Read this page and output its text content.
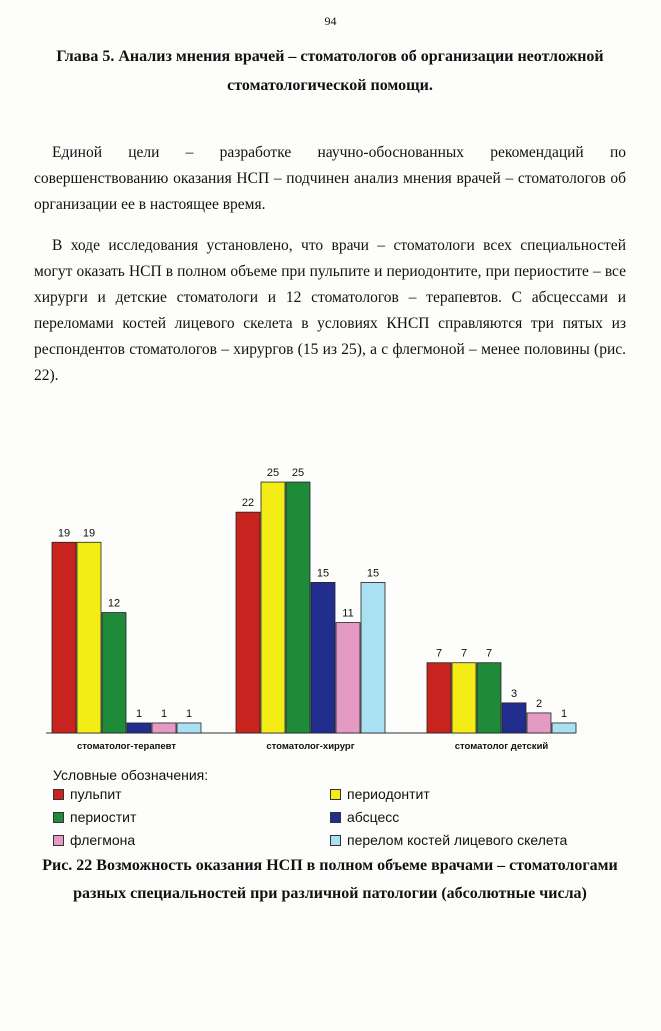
94
Глава 5. Анализ мнения врачей – стоматологов об организации неотложной стоматологической помощи.

Единой цели – разработке научно-обоснованных рекомендаций по совершенствованию оказания НСП – подчинен анализ мнения врачей – стоматологов об организации ее в настоящее время.

В ходе исследования установлено, что врачи – стоматологи всех специальностей могут оказать НСП в полном объеме при пульпите и периодонтите, при периостите – все хирурги и детские стоматологи и 12 стоматологов – терапевтов. С абсцессами и переломами костей лицевого скелета в условиях КНСП справляются три пятых из респондентов стоматологов – хирургов (15 из 25), а с флегмоной – менее половины (рис. 22).

19 19
12
1 1 1
стоматолог-терапевт
22
25 25
15
11
15
стоматолог-хирург
7 7 7
3
2
1
стоматолог детский
Условные обозначения:
пульпит	периодонтит
периостит	абсцесс
флегмона	перелом костей лицевого скелета
Рис. 22 Возможность оказания НСП в полном объеме врачами – стоматологами разных специальностей при различной патологии (абсолютные числа)
